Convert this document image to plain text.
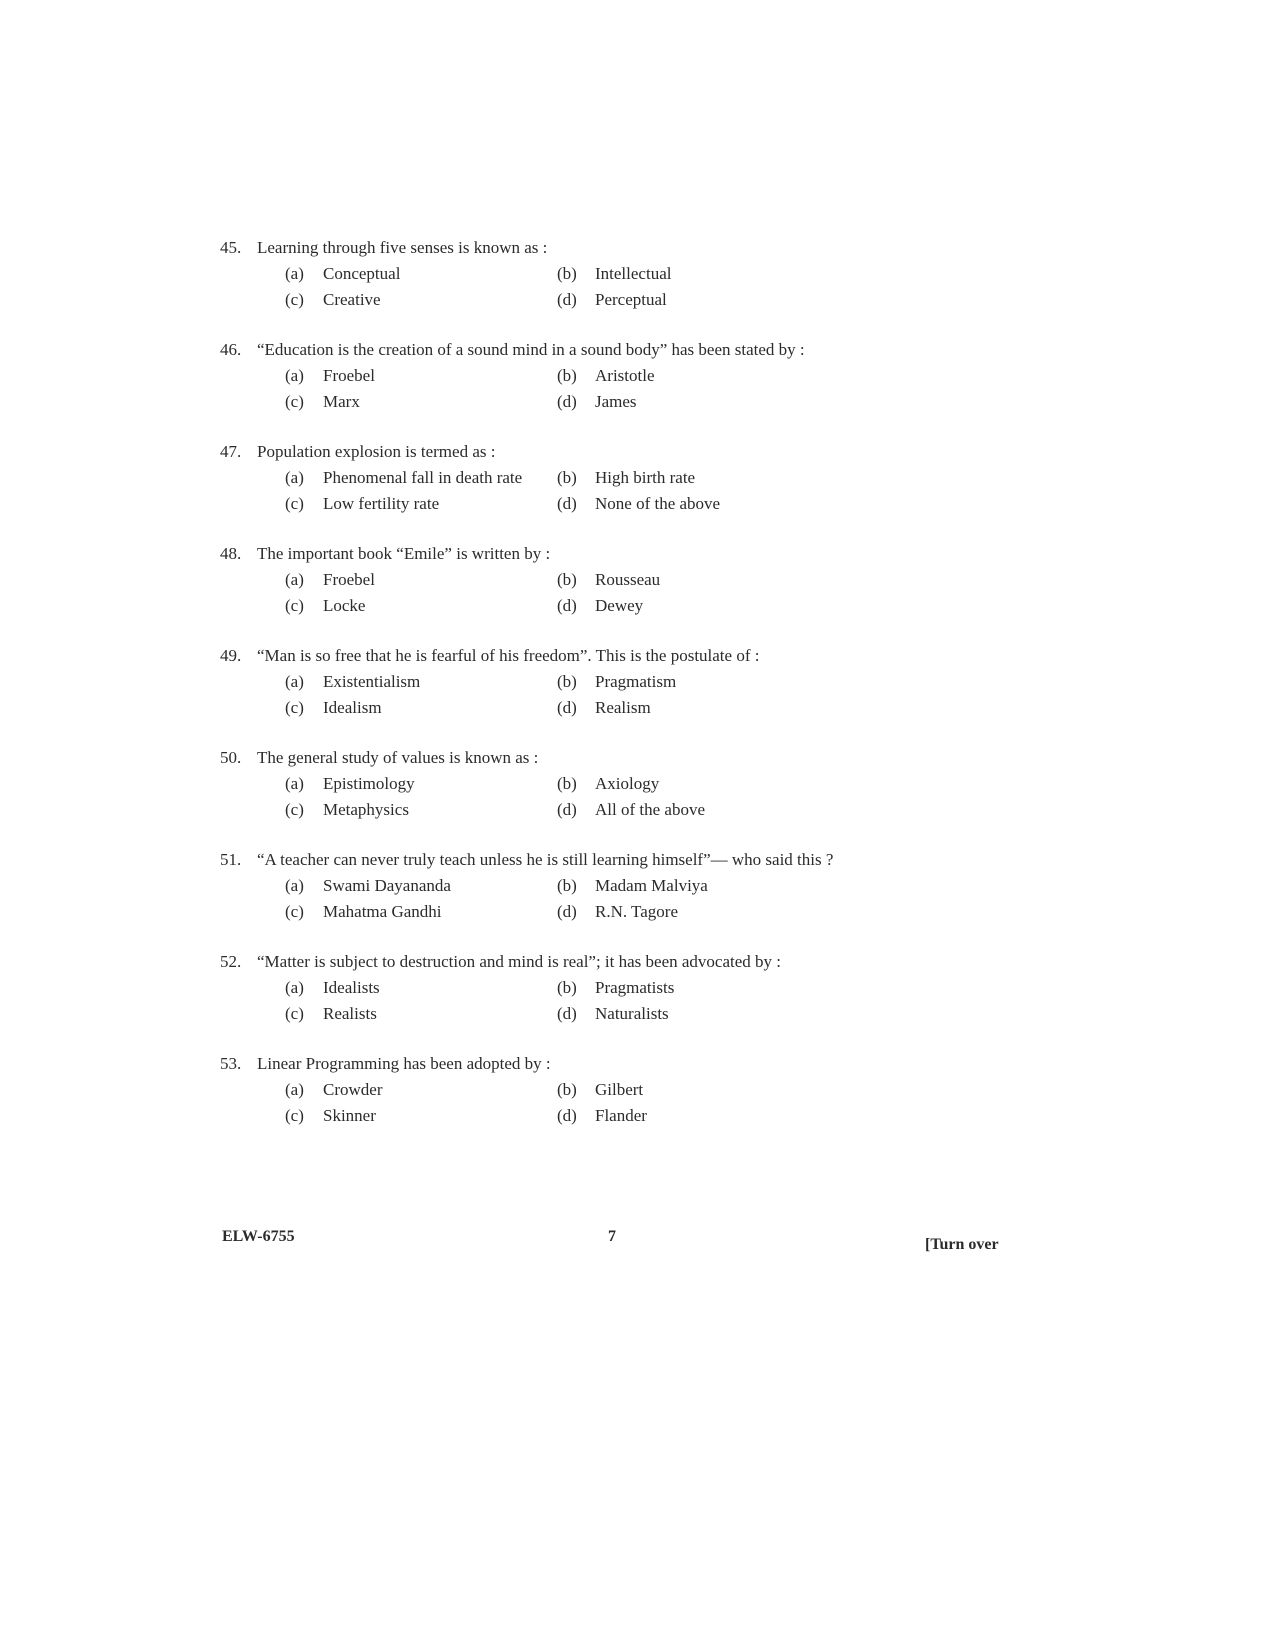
45. Learning through five senses is known as :
(a)	Conceptual	(b)	Intellectual
(c)	Creative	(d)	Perceptual
46. “Education is the creation of a sound mind in a sound body” has been stated by :
(a)	Froebel	(b)	Aristotle
(c)	Marx	(d)	James
47. Population explosion is termed as :
(a)	Phenomenal fall in death rate (b)	High birth rate
(c)	Low fertility rate	(d)	None of the above
48. The important book “Emile” is written by :
(a)	Froebel	(b)	Rousseau
(c)	Locke	(d)	Dewey
49. “Man is so free that he is fearful of his freedom”. This is the postulate of :
(a)	Existentialism	(b)	Pragmatism
(c)	Idealism	(d)	Realism
50. The general study of values is known as :
(a)	Epistimology	(b)	Axiology
(c)	Metaphysics	(d)	All of the above
51. “A teacher can never truly teach unless he is still learning himself”— who said this ?
(a)	Swami Dayananda	(b)	Madam Malviya
(c)	Mahatma Gandhi	(d)	R.N. Tagore
52. “Matter is subject to destruction and mind is real”; it has been advocated by :
(a)	Idealists	(b)	Pragmatists
(c)	Realists	(d)	Naturalists
53. Linear Programming has been adopted by :
(a)	Crowder	(b)	Gilbert
(c)	Skinner	(d)	Flander
ELW-6755	7	[Turn over
